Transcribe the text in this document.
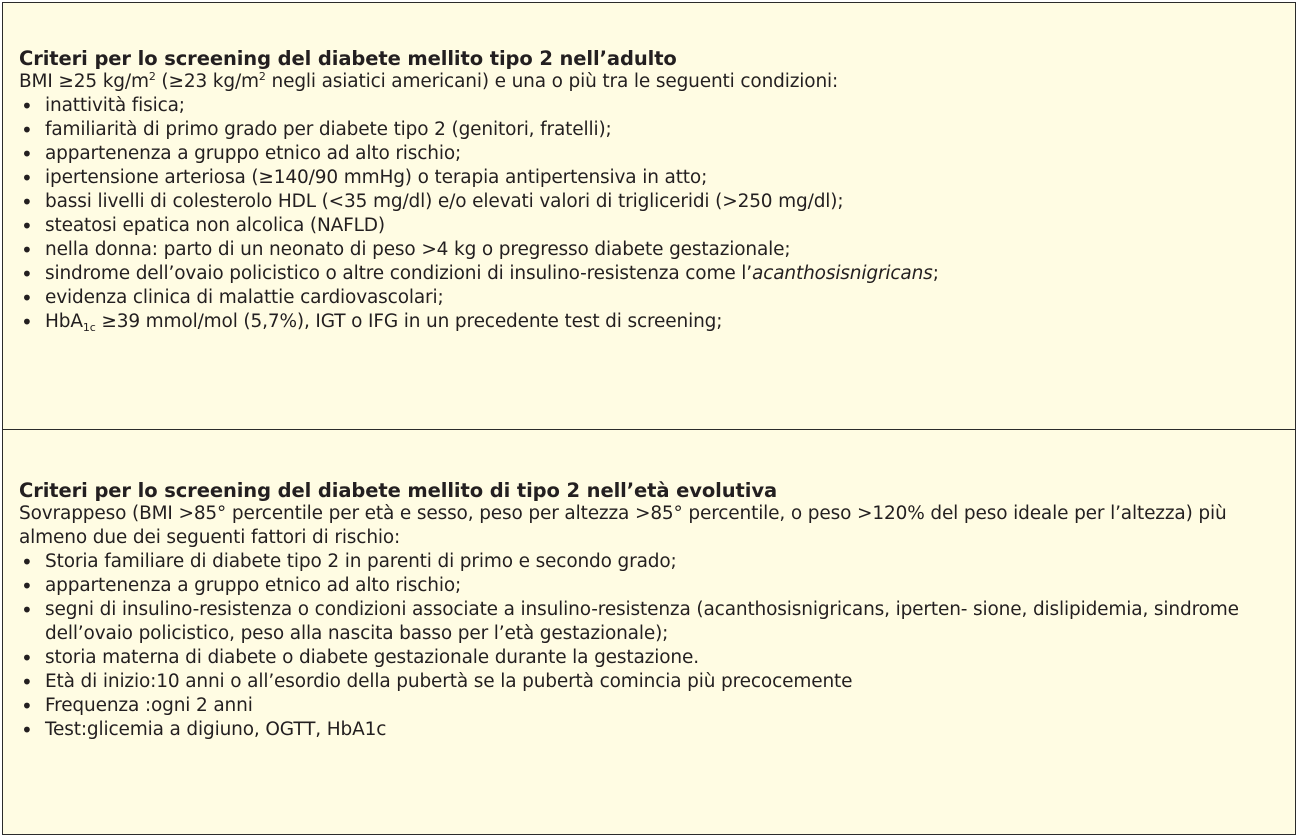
Criteri per lo screening del diabete mellito tipo 2 nell’adulto
BMI ≥25 $kg/m^2$ (≥23 $kg/m^2$ negli asiatici americani) e una o più tra le seguenti condizioni:
• inattività fisica;
• familiarità di primo grado per diabete tipo 2 (genitori, fratelli);
• appartenenza a gruppo etnico ad alto rischio;
• ipertensione arteriosa (≥140/90 mmHg) o terapia antipertensiva in atto;
• bassi livelli di colesterolo HDL (<35 mg/dl) e/o elevati valori di trigliceridi (>250 mg/dl);
• steatosi epatica non alcolica (NAFLD)
• nella donna: parto di un neonato di peso >4 kg o pregresso diabete gestazionale;
• sindrome dell’ovaio policistico o altre condizioni di insulino-resistenza come l’acanthosisnigricans;
• evidenza clinica di malattie cardiovascolari;
• HbA$_{1c}$ ≥39 mmol/mol (5,7%), IGT o IFG in un precedente test di screening;
Criteri per lo screening del diabete mellito di tipo 2 nell’età evolutiva
Sovrappeso (BMI >85° percentile per età e sesso, peso per altezza >85° percentile, o peso >120% del peso ideale per l’altezza) più almeno due dei seguenti fattori di rischio:
• Storia familiare di diabete tipo 2 in parenti di primo e secondo grado;
• appartenenza a gruppo etnico ad alto rischio;
• segni di insulino-resistenza o condizioni associate a insulino-resistenza (acanthosisnigricans, iperten- sione, dislipidemia, sindrome dell’ovaio policistico, peso alla nascita basso per l’età gestazionale);
• storia materna di diabete o diabete gestazionale durante la gestazione.
• Età di inizio:10 anni o all’esordio della pubertà se la pubertà comincia più precocemente
• Frequenza :ogni 2 anni
• Test:glicemia a digiuno, OGTT, HbA1c
